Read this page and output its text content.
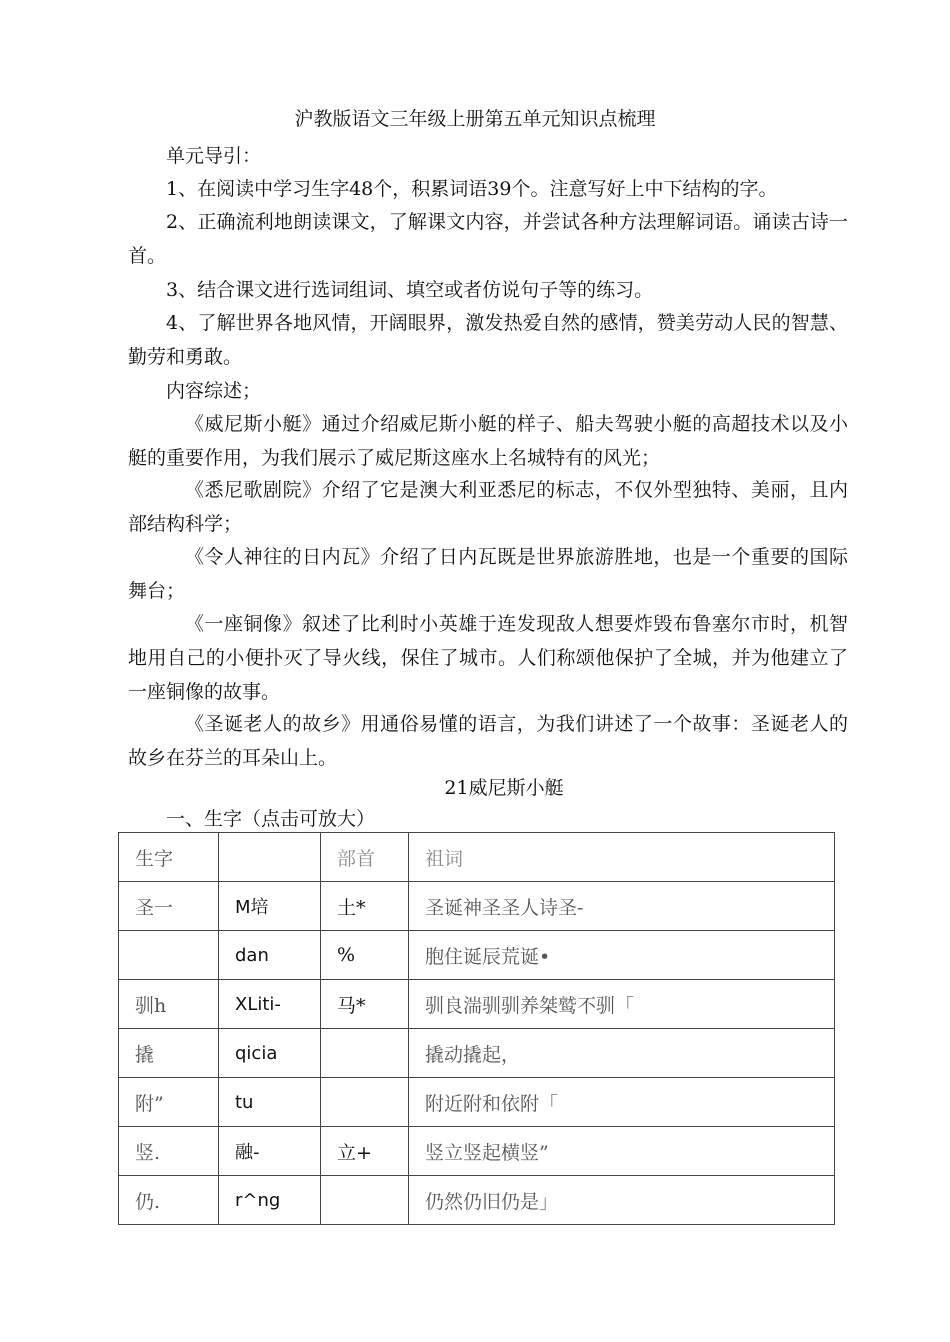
沪教版语文三年级上册第五单元知识点梳理
单元导引：
1、在阅读中学习生字48个，积累词语39个。注意写好上中下结构的字。
2、正确流利地朗读课文，了解课文内容，并尝试各种方法理解词语。诵读古诗一首。
3、结合课文进行选词组词、填空或者仿说句子等的练习。
4、了解世界各地风情，开阔眼界，激发热爱自然的感情，赞美劳动人民的智慧、勤劳和勇敢。
内容综述；
《威尼斯小艇》通过介绍威尼斯小艇的样子、船夫驾驶小艇的高超技术以及小艇的重要作用，为我们展示了威尼斯这座水上名城特有的风光；
《悉尼歌剧院》介绍了它是澳大利亚悉尼的标志，不仅外型独特、美丽，且内部结构科学；
《令人神往的日内瓦》介绍了日内瓦既是世界旅游胜地，也是一个重要的国际舞台；
《一座铜像》叙述了比利时小英雄于连发现敌人想要炸毁布鲁塞尔市时，机智地用自己的小便扑灭了导火线，保住了城市。人们称颂他保护了全城，并为他建立了一座铜像的故事。
《圣诞老人的故乡》用通俗易懂的语言，为我们讲述了一个故事：圣诞老人的故乡在芬兰的耳朵山上。
21威尼斯小艇
一、生字（点击可放大）
生字		部首	祖词
圣一	M培	土*	圣诞神圣圣人诗圣-
	dan	%	胞住诞辰荒诞•
驯h	XLiti-	马*	驯良湍驯驯养桀鹫不驯「
撬	qicia		撬动撬起，
附”	tu		附近附和依附「
竖.	融-	立+	竖立竖起横竖”
仍.	r^ng		仍然仍旧仍是」
